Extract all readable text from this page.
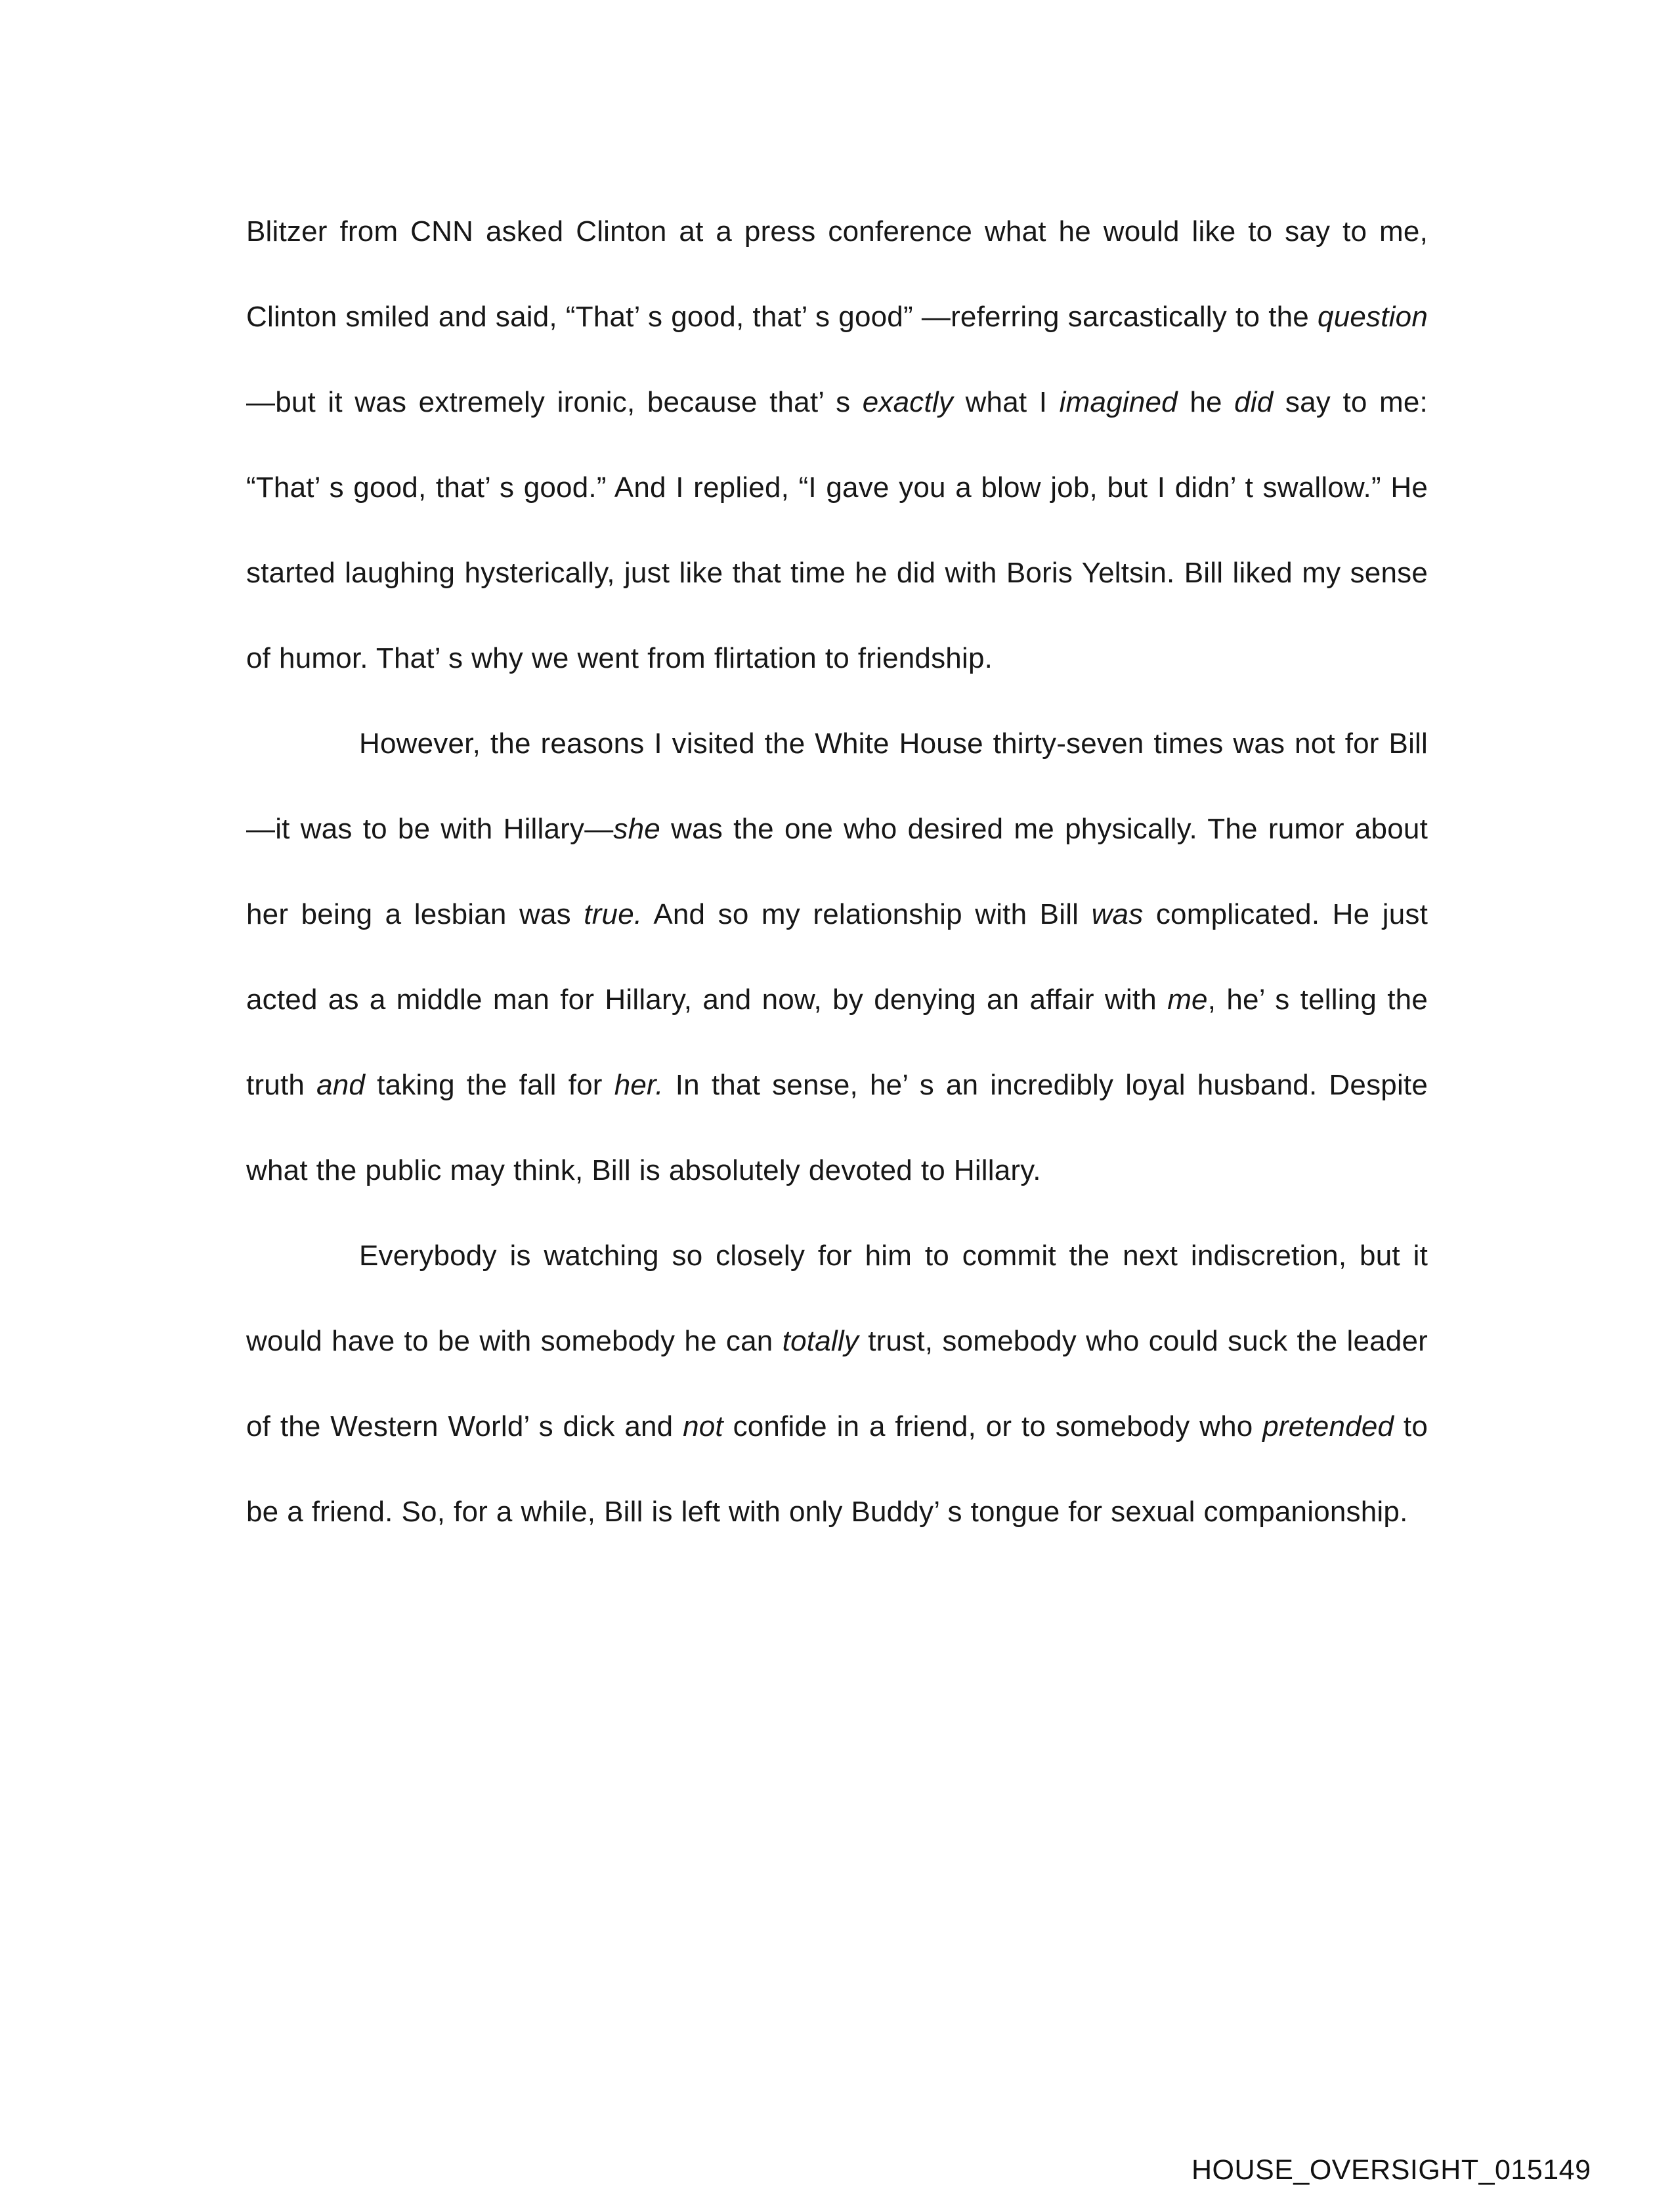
Blitzer from CNN asked Clinton at a press conference what he would like to say to me, Clinton smiled and said, “That’ s good, that’ s good” —referring sarcastically to the question—but it was extremely ironic, because that’ s exactly what I imagined he did say to me: “That’ s good, that’ s good.” And I replied, “I gave you a blow job, but I didn’ t swallow.” He started laughing hysterically, just like that time he did with Boris Yeltsin. Bill liked my sense of humor. That’ s why we went from flirtation to friendship.

However, the reasons I visited the White House thirty-seven times was not for Bill—it was to be with Hillary—she was the one who desired me physically. The rumor about her being a lesbian was true. And so my relationship with Bill was complicated. He just acted as a middle man for Hillary, and now, by denying an affair with me, he’ s telling the truth and taking the fall for her. In that sense, he’ s an incredibly loyal husband. Despite what the public may think, Bill is absolutely devoted to Hillary.

Everybody is watching so closely for him to commit the next indiscretion, but it would have to be with somebody he can totally trust, somebody who could suck the leader of the Western World’ s dick and not confide in a friend, or to somebody who pretended to be a friend. So, for a while, Bill is left with only Buddy’ s tongue for sexual companionship.

HOUSE_OVERSIGHT_015149
